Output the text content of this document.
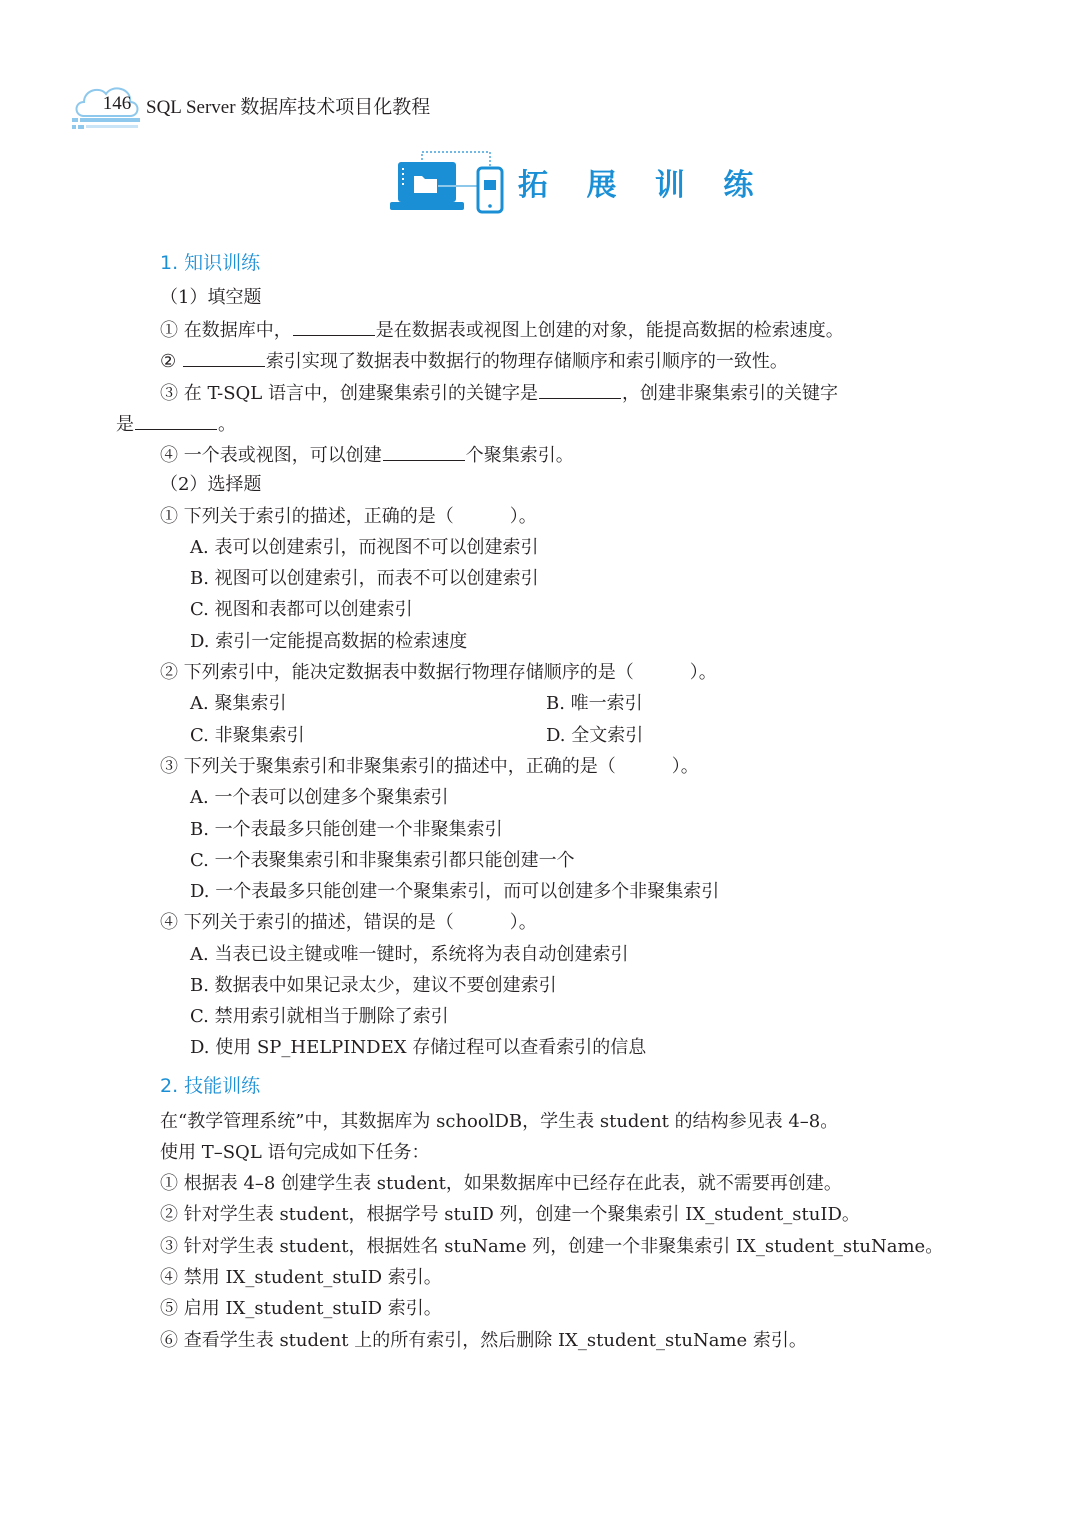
146 SQL Server 数据库技术项目化教程
拓 展 训 练
1. 知识训练
（1）填空题
① 在数据库中，	是在数据表或视图上创建的对象，能提高数据的检索速度。
②	索引实现了数据表中数据行的物理存储顺序和索引顺序的一致性。
③ 在 T-SQL 语言中，创建聚集索引的关键字是	，创建非聚集索引的关键字
是	。
④ 一个表或视图，可以创建	个聚集索引。
（2）选择题
① 下列关于索引的描述，正确的是（	）。
A. 表可以创建索引，而视图不可以创建索引
B. 视图可以创建索引，而表不可以创建索引
C. 视图和表都可以创建索引
D. 索引一定能提高数据的检索速度
② 下列索引中，能决定数据表中数据行物理存储顺序的是（	）。
A. 聚集索引	B. 唯一索引
C. 非聚集索引	D. 全文索引
③ 下列关于聚集索引和非聚集索引的描述中，正确的是（	）。
A. 一个表可以创建多个聚集索引
B. 一个表最多只能创建一个非聚集索引
C. 一个表聚集索引和非聚集索引都只能创建一个
D. 一个表最多只能创建一个聚集索引，而可以创建多个非聚集索引
④ 下列关于索引的描述，错误的是（	）。
A. 当表已设主键或唯一键时，系统将为表自动创建索引
B. 数据表中如果记录太少，建议不要创建索引
C. 禁用索引就相当于删除了索引
D. 使用 SP_HELPINDEX 存储过程可以查看索引的信息
2. 技能训练
在“教学管理系统”中，其数据库为 schoolDB，学生表 student 的结构参见表 4–8。
使用 T–SQL 语句完成如下任务：
① 根据表 4–8 创建学生表 student，如果数据库中已经存在此表，就不需要再创建。
② 针对学生表 student，根据学号 stuID 列，创建一个聚集索引 IX_student_stuID。
③ 针对学生表 student，根据姓名 stuName 列，创建一个非聚集索引 IX_student_stuName。
④ 禁用 IX_student_stuID 索引。
⑤ 启用 IX_student_stuID 索引。
⑥ 查看学生表 student 上的所有索引，然后删除 IX_student_stuName 索引。
